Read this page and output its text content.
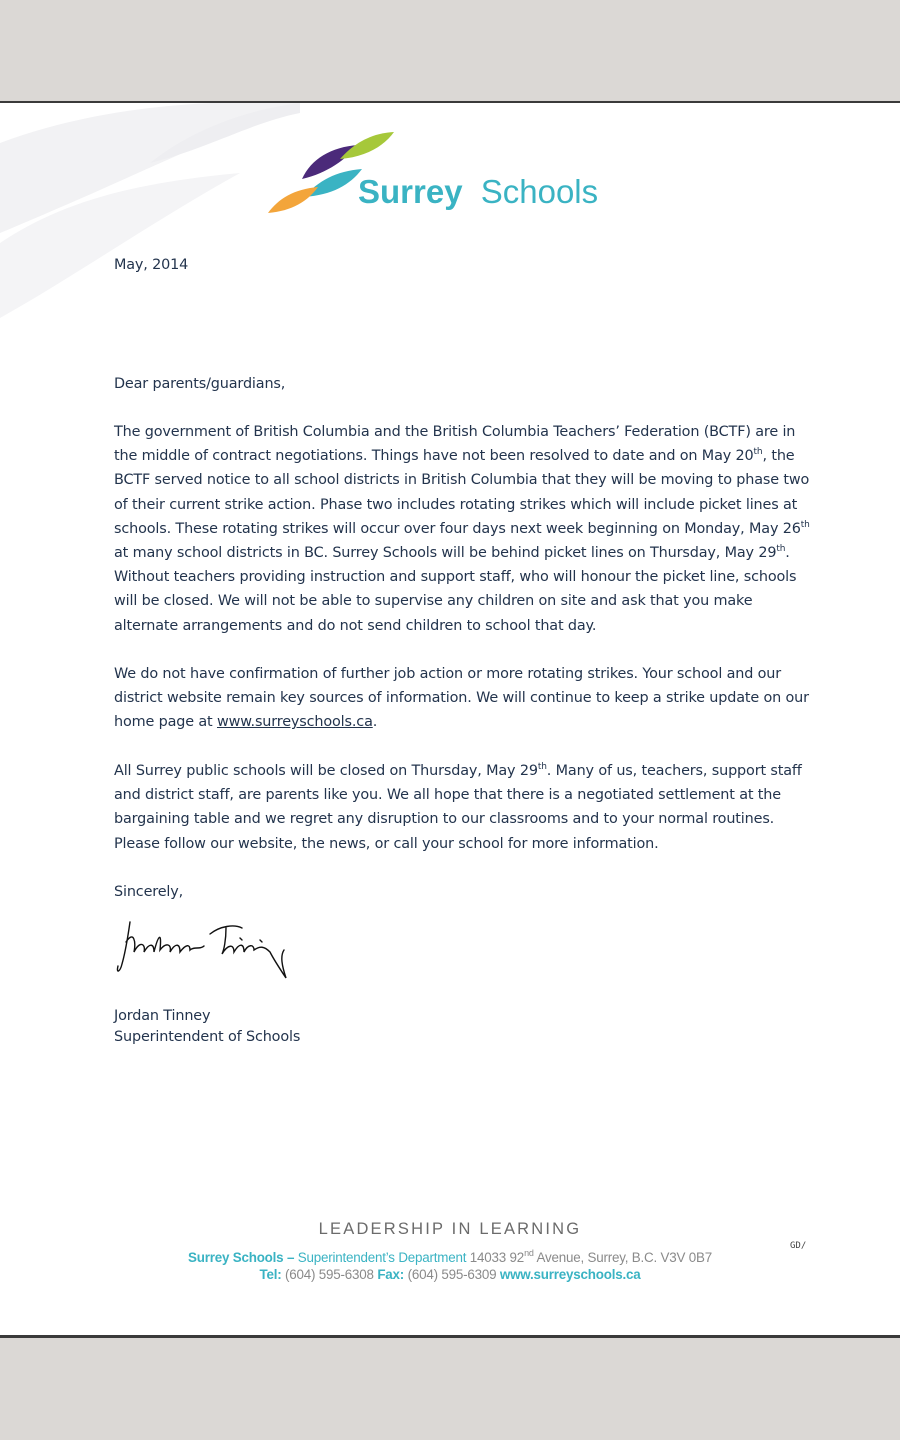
Surrey Schools
May, 2014
Dear parents/guardians,
The government of British Columbia and the British Columbia Teachers’ Federation (BCTF) are in the middle of contract negotiations. Things have not been resolved to date and on May 20th, the BCTF served notice to all school districts in British Columbia that they will be moving to phase two of their current strike action. Phase two includes rotating strikes which will include picket lines at schools. These rotating strikes will occur over four days next week beginning on Monday, May 26th at many school districts in BC. Surrey Schools will be behind picket lines on Thursday, May 29th. Without teachers providing instruction and support staff, who will honour the picket line, schools will be closed. We will not be able to supervise any children on site and ask that you make alternate arrangements and do not send children to school that day.
We do not have confirmation of further job action or more rotating strikes. Your school and our district website remain key sources of information. We will continue to keep a strike update on our home page at www.surreyschools.ca.
All Surrey public schools will be closed on Thursday, May 29th. Many of us, teachers, support staff and district staff, are parents like you. We all hope that there is a negotiated settlement at the bargaining table and we regret any disruption to our classrooms and to your normal routines. Please follow our website, the news, or call your school for more information.
Sincerely,
Jordan Tinney
Superintendent of Schools
LEADERSHIP IN LEARNING
Surrey Schools – Superintendent’s Department 14033 92nd Avenue, Surrey, B.C. V3V 0B7
Tel: (604) 595-6308 Fax: (604) 595-6309 www.surreyschools.ca
GD/
